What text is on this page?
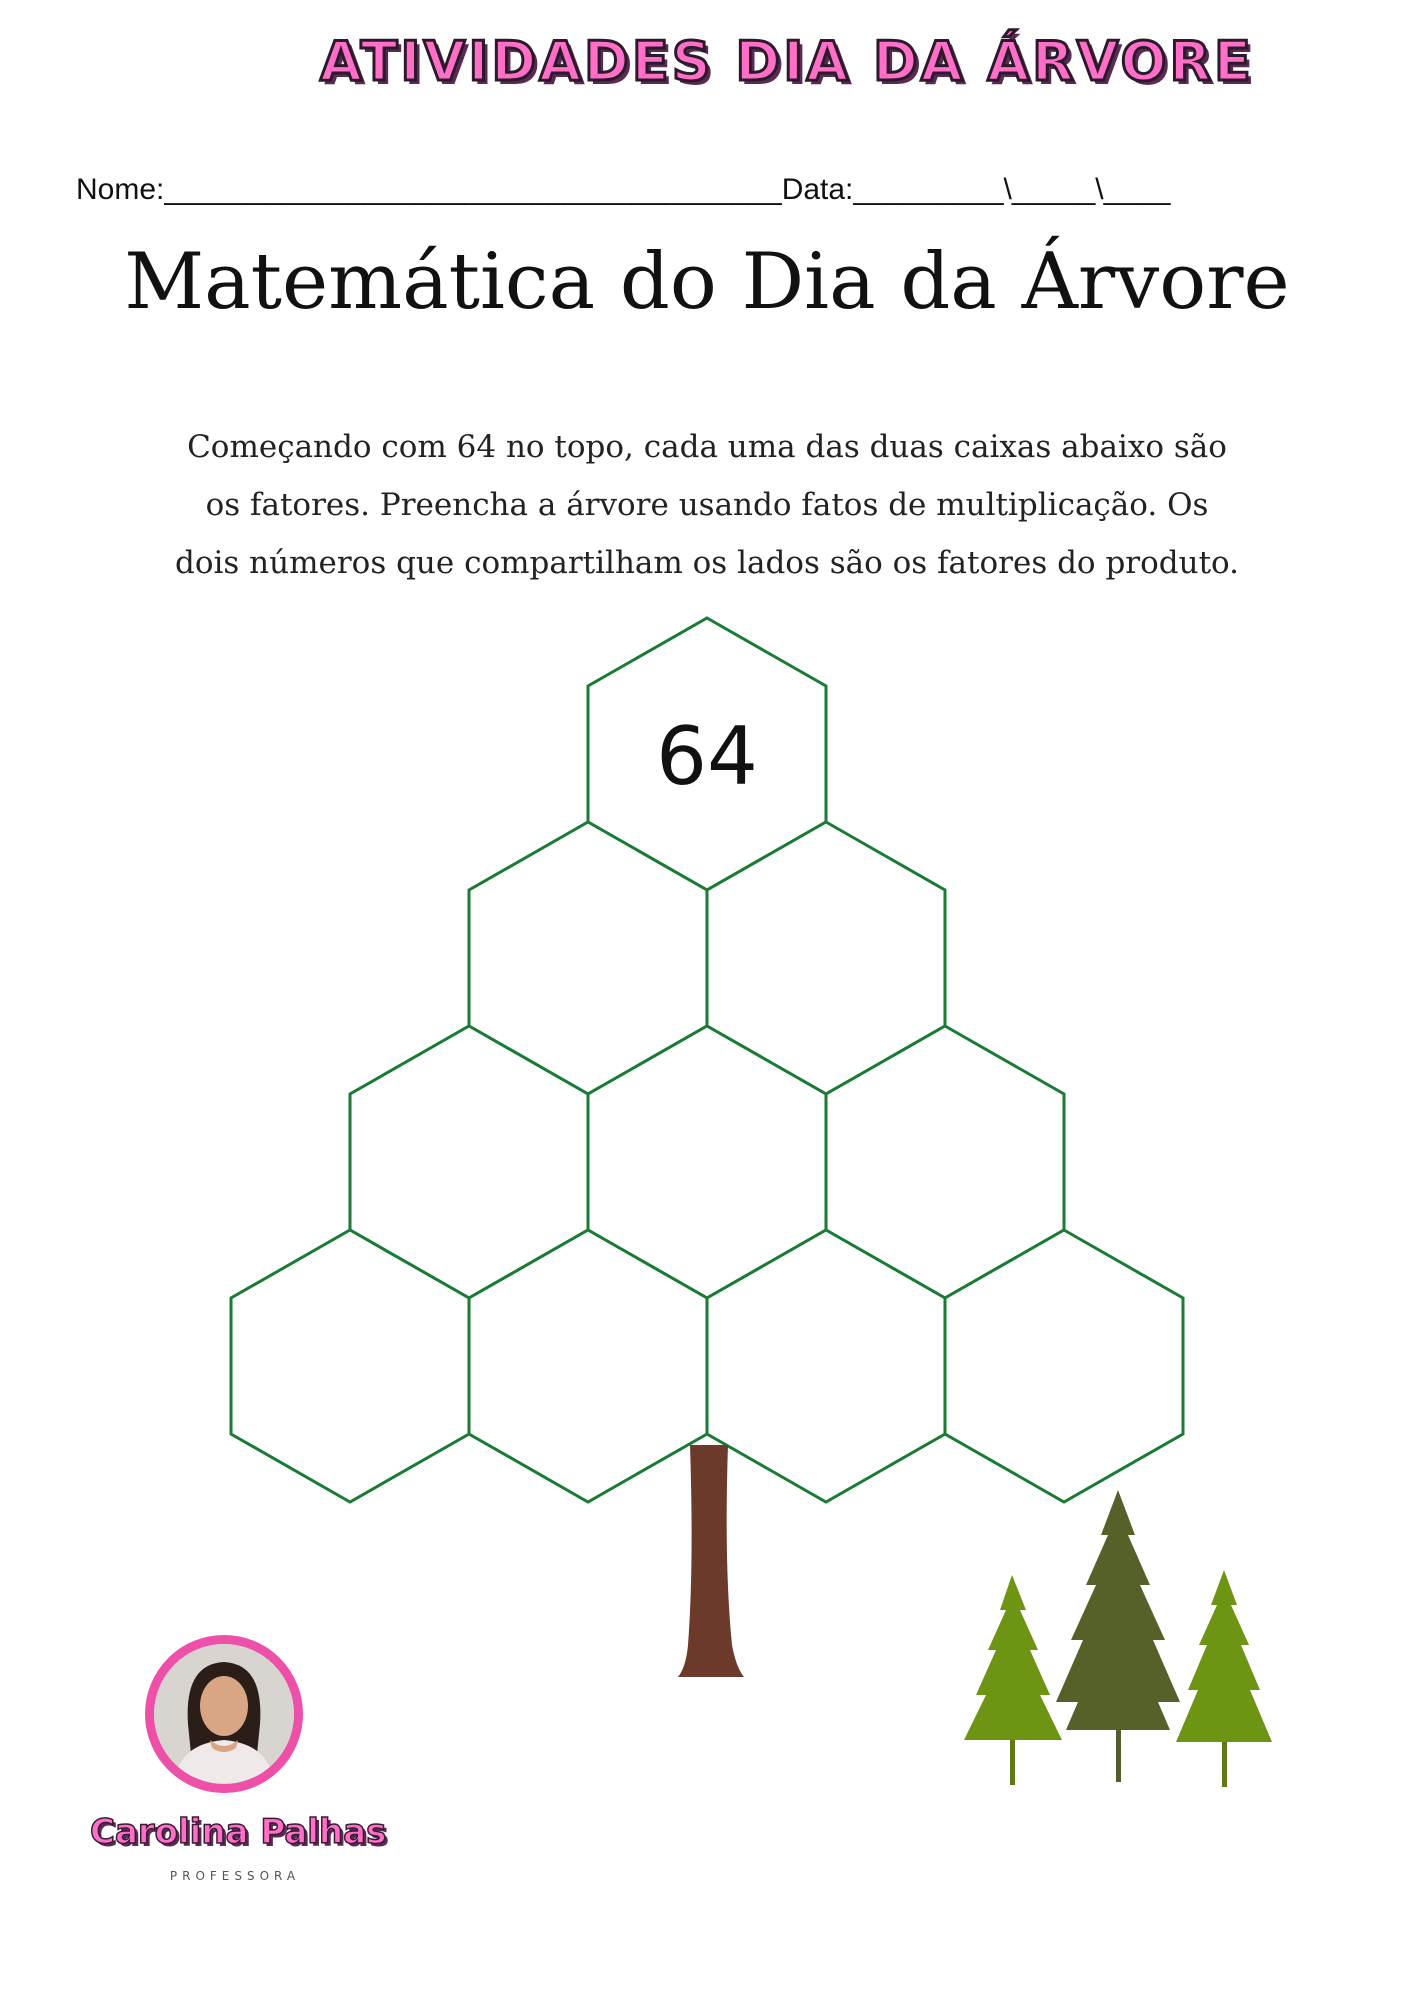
ATIVIDADES DIA DA ÁRVORE
Nome:_____________________________________Data:_________\_____\____
Matemática do Dia da Árvore
Começando com 64 no topo, cada uma das duas caixas abaixo são
os fatores. Preencha a árvore usando fatos de multiplicação. Os
dois números que compartilham os lados são os fatores do produto.
64
Carolina Palhas
PROFESSORA
